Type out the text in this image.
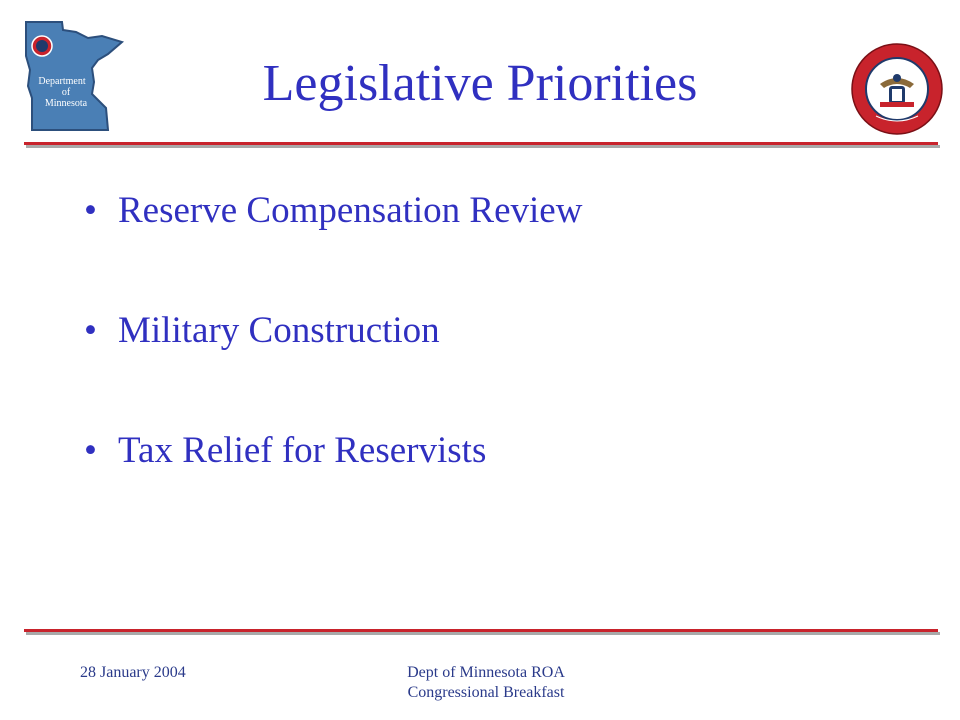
Department
of
Minnesota	Legislative Priorities
• Reserve Compensation Review
• Military Construction
• Tax Relief for Reservists
28 January 2004	Dept of Minnesota ROA
Congressional Breakfast
